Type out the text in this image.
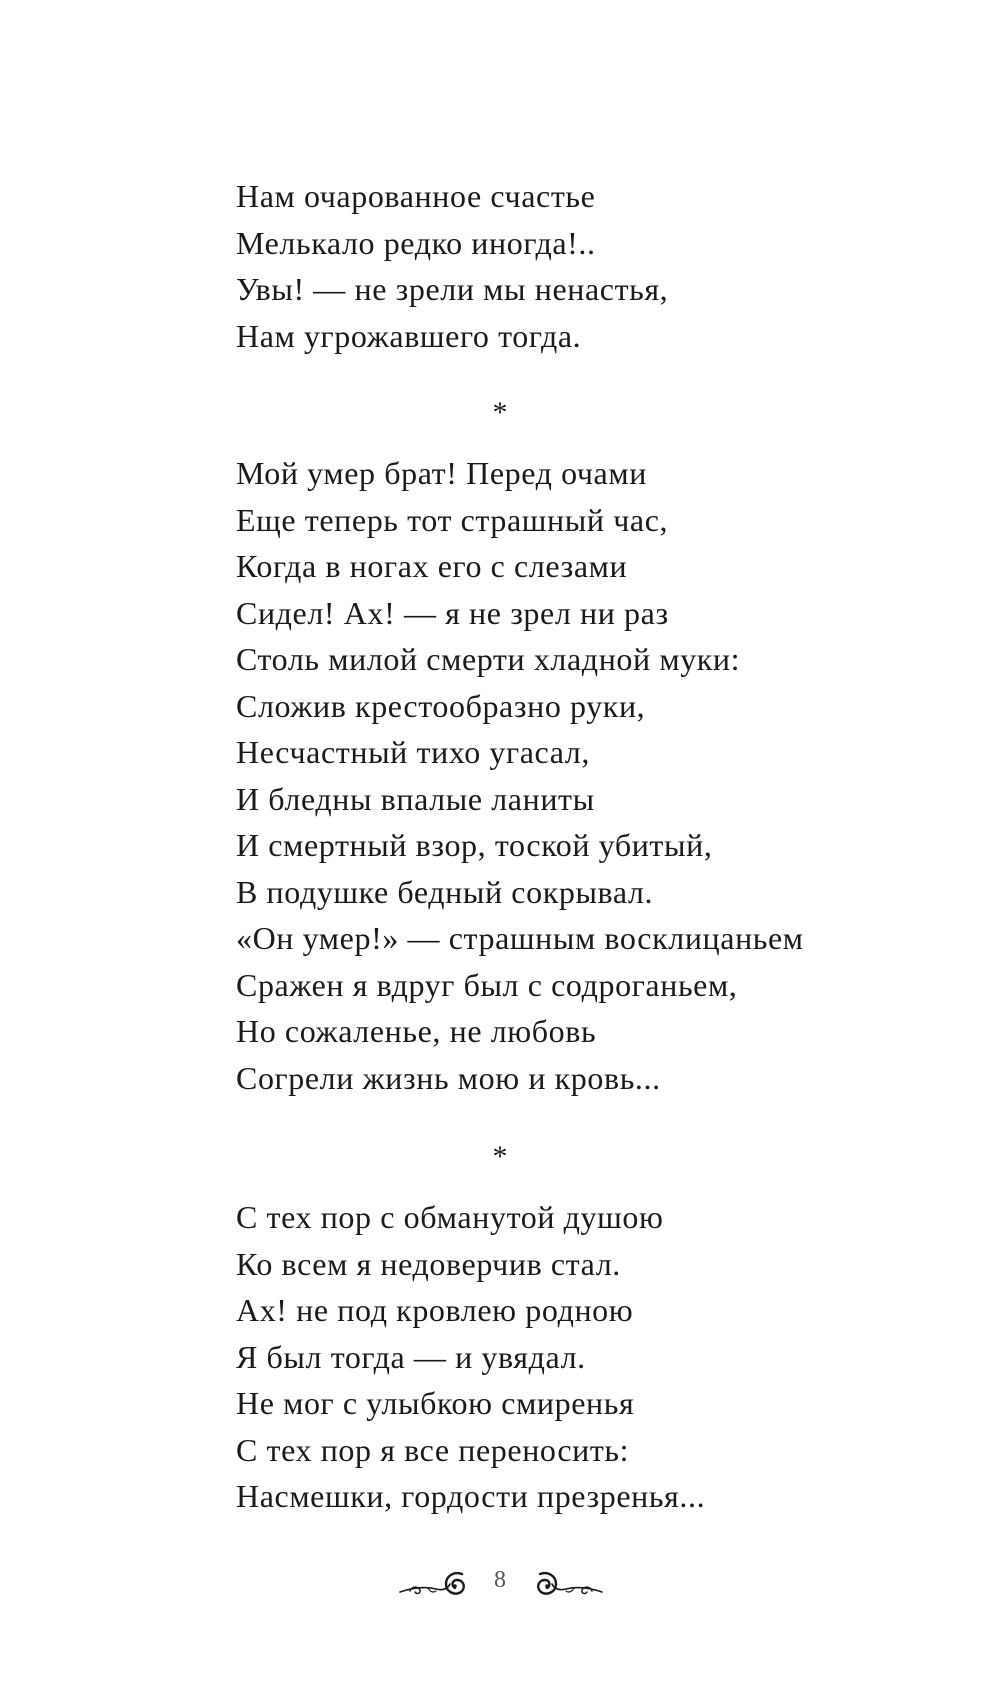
Нам очарованное счастье
Мелькало редко иногда!..
Увы! — не зрели мы ненастья,
Нам угрожавшего тогда.
*
Мой умер брат! Перед очами
Еще теперь тот страшный час,
Когда в ногах его с слезами
Сидел! Ах! — я не зрел ни раз
Столь милой смерти хладной муки:
Сложив крестообразно руки,
Несчастный тихо угасал,
И бледны впалые ланиты
И смертный взор, тоской убитый,
В подушке бедный сокрывал.
«Он умер!» — страшным восклицаньем
Сражен я вдруг был с содроганьем,
Но сожаленье, не любовь
Согрели жизнь мою и кровь...
*
С тех пор с обманутой душою
Ко всем я недоверчив стал.
Ах! не под кровлею родною
Я был тогда — и увядал.
Не мог с улыбкою смиренья
С тех пор я все переносить:
Насмешки, гордости презренья...
8
